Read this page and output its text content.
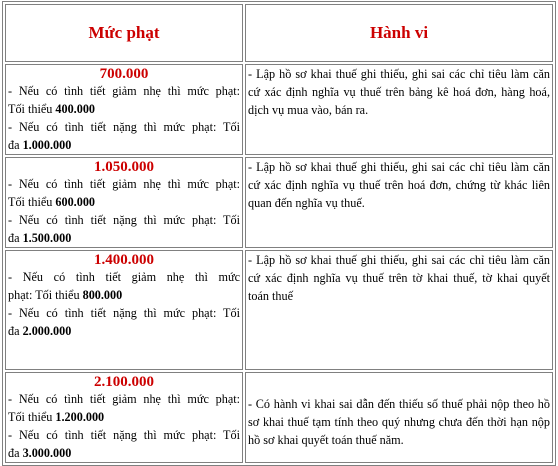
Mức phạt	Hành vi

700.000
- Nếu có tình tiết giảm nhẹ thì mức phạt:
Tối thiểu 400.000
- Nếu có tình tiết nặng thì mức phạt: Tối
đa 1.000.000	- Lập hồ sơ khai thuế ghi thiếu, ghi sai các chỉ tiêu làm căn cứ xác định nghĩa vụ thuế trên bảng kê hoá đơn, hàng hoá, dịch vụ mua vào, bán ra.

1.050.000
- Nếu có tình tiết giảm nhẹ thì mức phạt:
Tối thiểu 600.000
- Nếu có tình tiết nặng thì mức phạt: Tối
đa 1.500.000	- Lập hồ sơ khai thuế ghi thiếu, ghi sai các chỉ tiêu làm căn cứ xác định nghĩa vụ thuế trên hoá đơn, chứng từ khác liên quan đến nghĩa vụ thuế.

1.400.000
- Nếu có tình tiết giảm nhẹ thì mức
phạt: Tối thiểu 800.000
- Nếu có tình tiết nặng thì mức phạt: Tối
đa 2.000.000	- Lập hồ sơ khai thuế ghi thiếu, ghi sai các chỉ tiêu làm căn cứ xác định nghĩa vụ thuế trên tờ khai thuế, tờ khai quyết toán thuế

2.100.000
- Nếu có tình tiết giảm nhẹ thì mức phạt:
Tối thiểu 1.200.000
- Nếu có tình tiết nặng thì mức phạt: Tối
đa 3.000.000	- Có hành vi khai sai dẫn đến thiếu số thuế phải nộp theo hồ sơ khai thuế tạm tính theo quý nhưng chưa đến thời hạn nộp hồ sơ khai quyết toán thuế năm.
